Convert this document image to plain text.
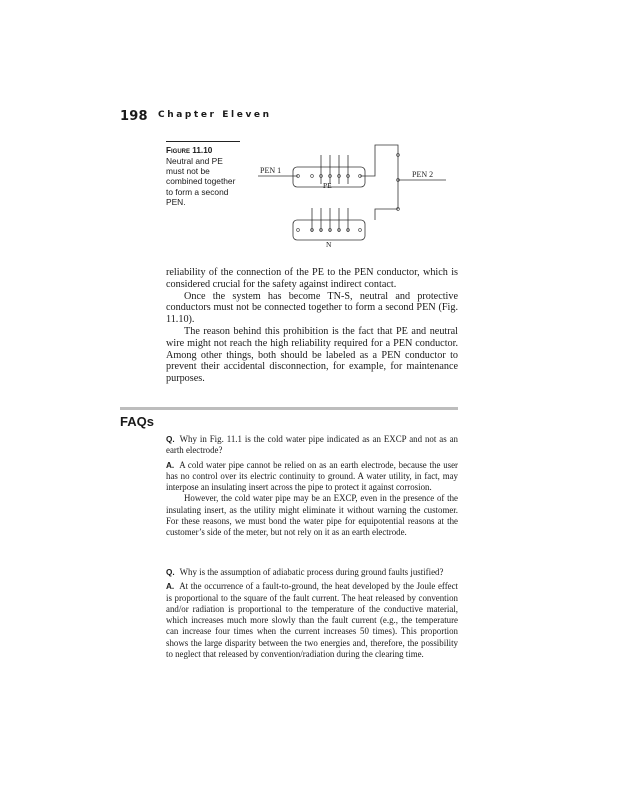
198 Chapter Eleven
Figure 11.10
Neutral and PE
must not be
combined together
to form a second
PEN.
PEN 1
PE
N
PEN 2

reliability of the connection of the PE to the PEN conductor, which is considered crucial for the safety against indirect contact.

Once the system has become TN-S, neutral and protective conductors must not be connected together to form a second PEN (Fig. 11.10).

The reason behind this prohibition is the fact that PE and neutral wire might not reach the high reliability required for a PEN conductor. Among other things, both should be labeled as a PEN conductor to prevent their accidental disconnection, for example, for maintenance purposes.

FAQs

Q. Why in Fig. 11.1 is the cold water pipe indicated as an EXCP and not as an earth electrode?

A. A cold water pipe cannot be relied on as an earth electrode, because the user has no control over its electric continuity to ground. A water utility, in fact, may interpose an insulating insert across the pipe to protect it against corrosion.

However, the cold water pipe may be an EXCP, even in the presence of the insulating insert, as the utility might eliminate it without warning the customer. For these reasons, we must bond the water pipe for equipotential reasons at the customer’s side of the meter, but not rely on it as an earth electrode.

Q. Why is the assumption of adiabatic process during ground faults justified?

A. At the occurrence of a fault-to-ground, the heat developed by the Joule effect is proportional to the square of the fault current. The heat released by convention and/or radiation is proportional to the temperature of the conductive material, which increases much more slowly than the fault current (e.g., the temperature can increase four times when the current increases 50 times). This proportion shows the large disparity between the two energies and, therefore, the possibility to neglect that released by convention/radiation during the clearing time.
